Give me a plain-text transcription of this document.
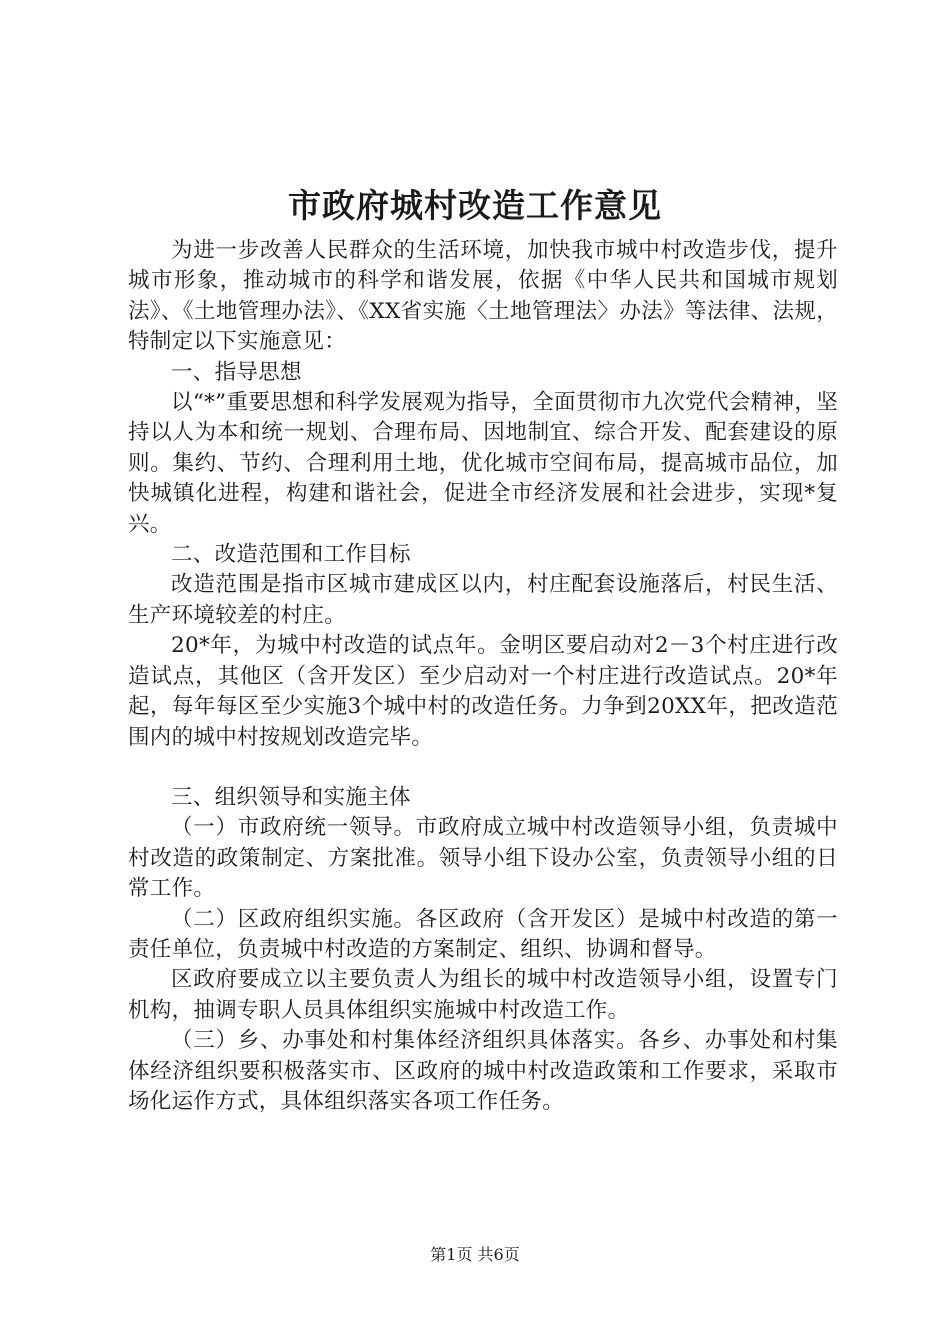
市政府城村改造工作意见

为进一步改善人民群众的生活环境，加快我市城中村改造步伐，提升城市形象，推动城市的科学和谐发展，依据《中华人民共和国城市规划法》、《土地管理办法》、《XX省实施〈土地管理法〉办法》等法律、法规，特制定以下实施意见：

一、指导思想

以“*”重要思想和科学发展观为指导，全面贯彻市九次党代会精神，坚持以人为本和统一规划、合理布局、因地制宜、综合开发、配套建设的原则。集约、节约、合理利用土地，优化城市空间布局，提高城市品位，加快城镇化进程，构建和谐社会，促进全市经济发展和社会进步，实现*复兴。

二、改造范围和工作目标

改造范围是指市区城市建成区以内，村庄配套设施落后，村民生活、生产环境较差的村庄。

20*年，为城中村改造的试点年。金明区要启动对2－3个村庄进行改造试点，其他区（含开发区）至少启动对一个村庄进行改造试点。20*年起，每年每区至少实施3个城中村的改造任务。力争到20XX年，把改造范围内的城中村按规划改造完毕。

三、组织领导和实施主体

（一）市政府统一领导。市政府成立城中村改造领导小组，负责城中村改造的政策制定、方案批准。领导小组下设办公室，负责领导小组的日常工作。

（二）区政府组织实施。各区政府（含开发区）是城中村改造的第一责任单位，负责城中村改造的方案制定、组织、协调和督导。

区政府要成立以主要负责人为组长的城中村改造领导小组，设置专门机构，抽调专职人员具体组织实施城中村改造工作。

（三）乡、办事处和村集体经济组织具体落实。各乡、办事处和村集体经济组织要积极落实市、区政府的城中村改造政策和工作要求，采取市场化运作方式，具体组织落实各项工作任务。

第1页 共6页
